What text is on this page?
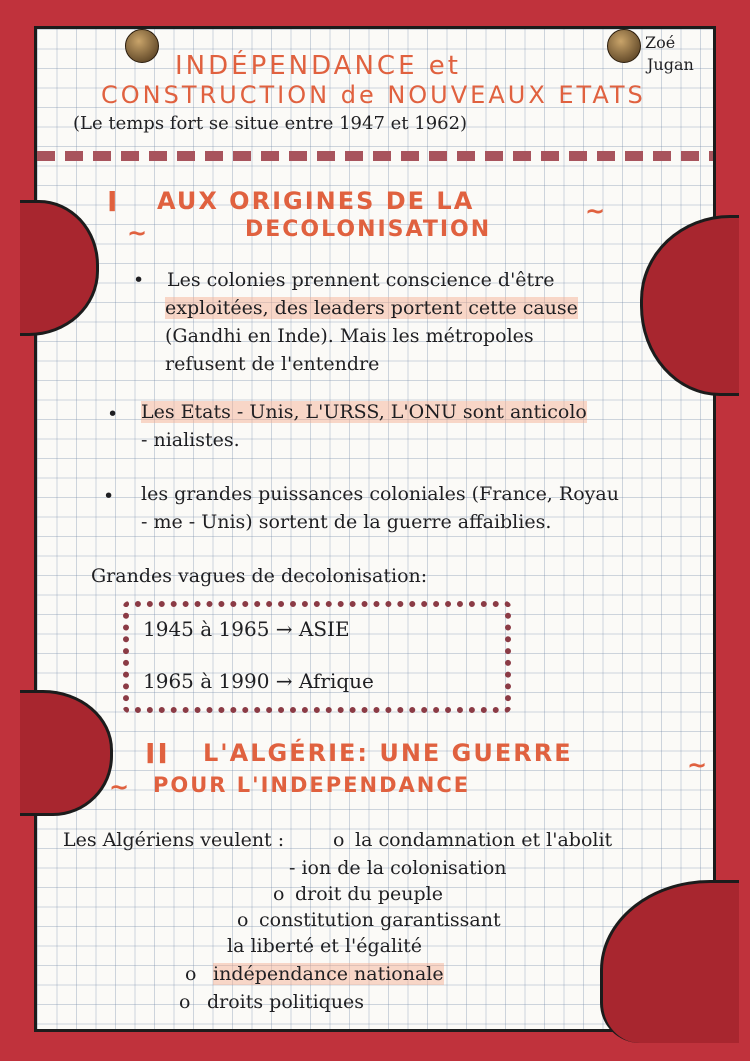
Zoé
Jugan
INDÉPENDANCE et
CONSTRUCTION de NOUVEAUX ETATS
(Le temps fort se situe entre 1947 et 1962)
I AUX ORIGINES DE LA
DECOLONISATION
~
~
• Les colonies prennent conscience d'être
exploitées, des leaders portent cette cause
(Gandhi en Inde). Mais les métropoles
refusent de l'entendre
• Les Etats - Unis, L'URSS, L'ONU sont anticolo
- nialistes.
• les grandes puissances coloniales (France, Royau
- me - Unis) sortent de la guerre affaiblies.
Grandes vagues de decolonisation:
1945 à 1965 → ASIE
1965 à 1990 → Afrique
II L'ALGÉRIE: UNE GUERRE
POUR L'INDEPENDANCE
~
~
Les Algériens veulent :	o la condamnation et l'abolit
- ion de la colonisation
o droit du peuple
o constitution garantissant
la liberté et l'égalité
o indépendance nationale
o droits politiques
